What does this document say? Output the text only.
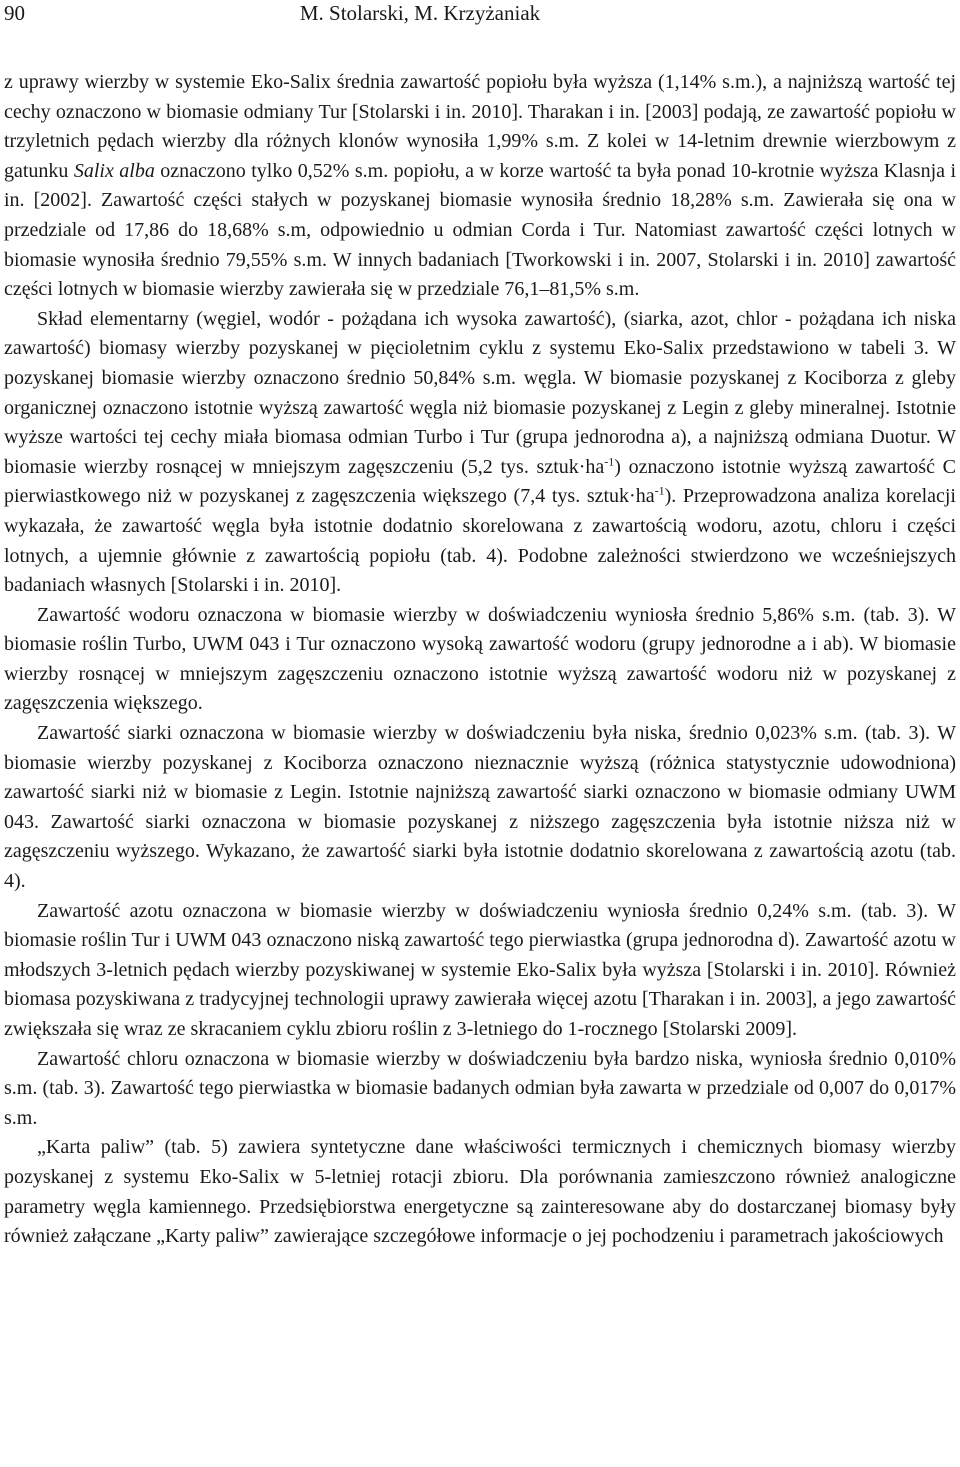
90	M. Stolarski, M. Krzyżaniak

z uprawy wierzby w systemie Eko-Salix średnia zawartość popiołu była wyższa (1,14% s.m.), a najniższą wartość tej cechy oznaczono w biomasie odmiany Tur [Stolarski i in. 2010]. Tharakan i in. [2003] podają, ze zawartość popiołu w trzyletnich pędach wierzby dla różnych klonów wynosiła 1,99% s.m. Z kolei w 14-letnim drewnie wierzbowym z gatunku Salix alba oznaczono tylko 0,52% s.m. popiołu, a w korze wartość ta była ponad 10-krotnie wyższa Klasnja i in. [2002]. Zawartość części stałych w pozyskanej biomasie wynosiła średnio 18,28% s.m. Zawierała się ona w przedziale od 17,86 do 18,68% s.m, odpowiednio u odmian Corda i Tur. Natomiast zawartość części lotnych w biomasie wynosiła średnio 79,55% s.m. W innych badaniach [Tworkowski i in. 2007, Stolarski i in. 2010] zawartość części lotnych w biomasie wierzby zawierała się w przedziale 76,1–81,5% s.m.

Skład elementarny (węgiel, wodór - pożądana ich wysoka zawartość), (siarka, azot, chlor - pożądana ich niska zawartość) biomasy wierzby pozyskanej w pięcioletnim cyklu z systemu Eko-Salix przedstawiono w tabeli 3. W pozyskanej biomasie wierzby oznaczono średnio 50,84% s.m. węgla. W biomasie pozyskanej z Kociborza z gleby organicznej oznaczono istotnie wyższą zawartość węgla niż biomasie pozyskanej z Legin z gleby mineralnej. Istotnie wyższe wartości tej cechy miała biomasa odmian Turbo i Tur (grupa jednorodna a), a najniższą odmiana Duotur. W biomasie wierzby rosnącej w mniejszym zagęszczeniu (5,2 tys. $sztuk\cdot ha^{-1}$) oznaczono istotnie wyższą zawartość C pierwiastkowego niż w pozyskanej z zagęszczenia większego (7,4 tys. $sztuk\cdot ha^{-1}$). Przeprowadzona analiza korelacji wykazała, że zawartość węgla była istotnie dodatnio skorelowana z zawartością wodoru, azotu, chloru i części lotnych, a ujemnie głównie z zawartością popiołu (tab. 4). Podobne zależności stwierdzono we wcześniejszych badaniach własnych [Stolarski i in. 2010].

Zawartość wodoru oznaczona w biomasie wierzby w doświadczeniu wyniosła średnio 5,86% s.m. (tab. 3). W biomasie roślin Turbo, UWM 043 i Tur oznaczono wysoką zawartość wodoru (grupy jednorodne a i ab). W biomasie wierzby rosnącej w mniejszym zagęszczeniu oznaczono istotnie wyższą zawartość wodoru niż w pozyskanej z zagęszczenia większego.

Zawartość siarki oznaczona w biomasie wierzby w doświadczeniu była niska, średnio 0,023% s.m. (tab. 3). W biomasie wierzby pozyskanej z Kociborza oznaczono nieznacznie wyższą (różnica statystycznie udowodniona) zawartość siarki niż w biomasie z Legin. Istotnie najniższą zawartość siarki oznaczono w biomasie odmiany UWM 043. Zawartość siarki oznaczona w biomasie pozyskanej z niższego zagęszczenia była istotnie niższa niż w zagęszczeniu wyższego. Wykazano, że zawartość siarki była istotnie dodatnio skorelowana z zawartością azotu (tab. 4).

Zawartość azotu oznaczona w biomasie wierzby w doświadczeniu wyniosła średnio 0,24% s.m. (tab. 3). W biomasie roślin Tur i UWM 043 oznaczono niską zawartość tego pierwiastka (grupa jednorodna d). Zawartość azotu w młodszych 3-letnich pędach wierzby pozyskiwanej w systemie Eko-Salix była wyższa [Stolarski i in. 2010]. Również biomasa pozyskiwana z tradycyjnej technologii uprawy zawierała więcej azotu [Tharakan i in. 2003], a jego zawartość zwiększała się wraz ze skracaniem cyklu zbioru roślin z 3-letniego do 1-rocznego [Stolarski 2009].

Zawartość chloru oznaczona w biomasie wierzby w doświadczeniu była bardzo niska, wyniosła średnio 0,010% s.m. (tab. 3). Zawartość tego pierwiastka w biomasie badanych odmian była zawarta w przedziale od 0,007 do 0,017% s.m.

„Karta paliw” (tab. 5) zawiera syntetyczne dane właściwości termicznych i chemicznych biomasy wierzby pozyskanej z systemu Eko-Salix w 5-letniej rotacji zbioru. Dla porównania zamieszczono również analogiczne parametry węgla kamiennego. Przedsiębiorstwa energetyczne są zainteresowane aby do dostarczanej biomasy były również załączane „Karty paliw” zawierające szczegółowe informacje o jej pochodzeniu i parametrach jakościowych
